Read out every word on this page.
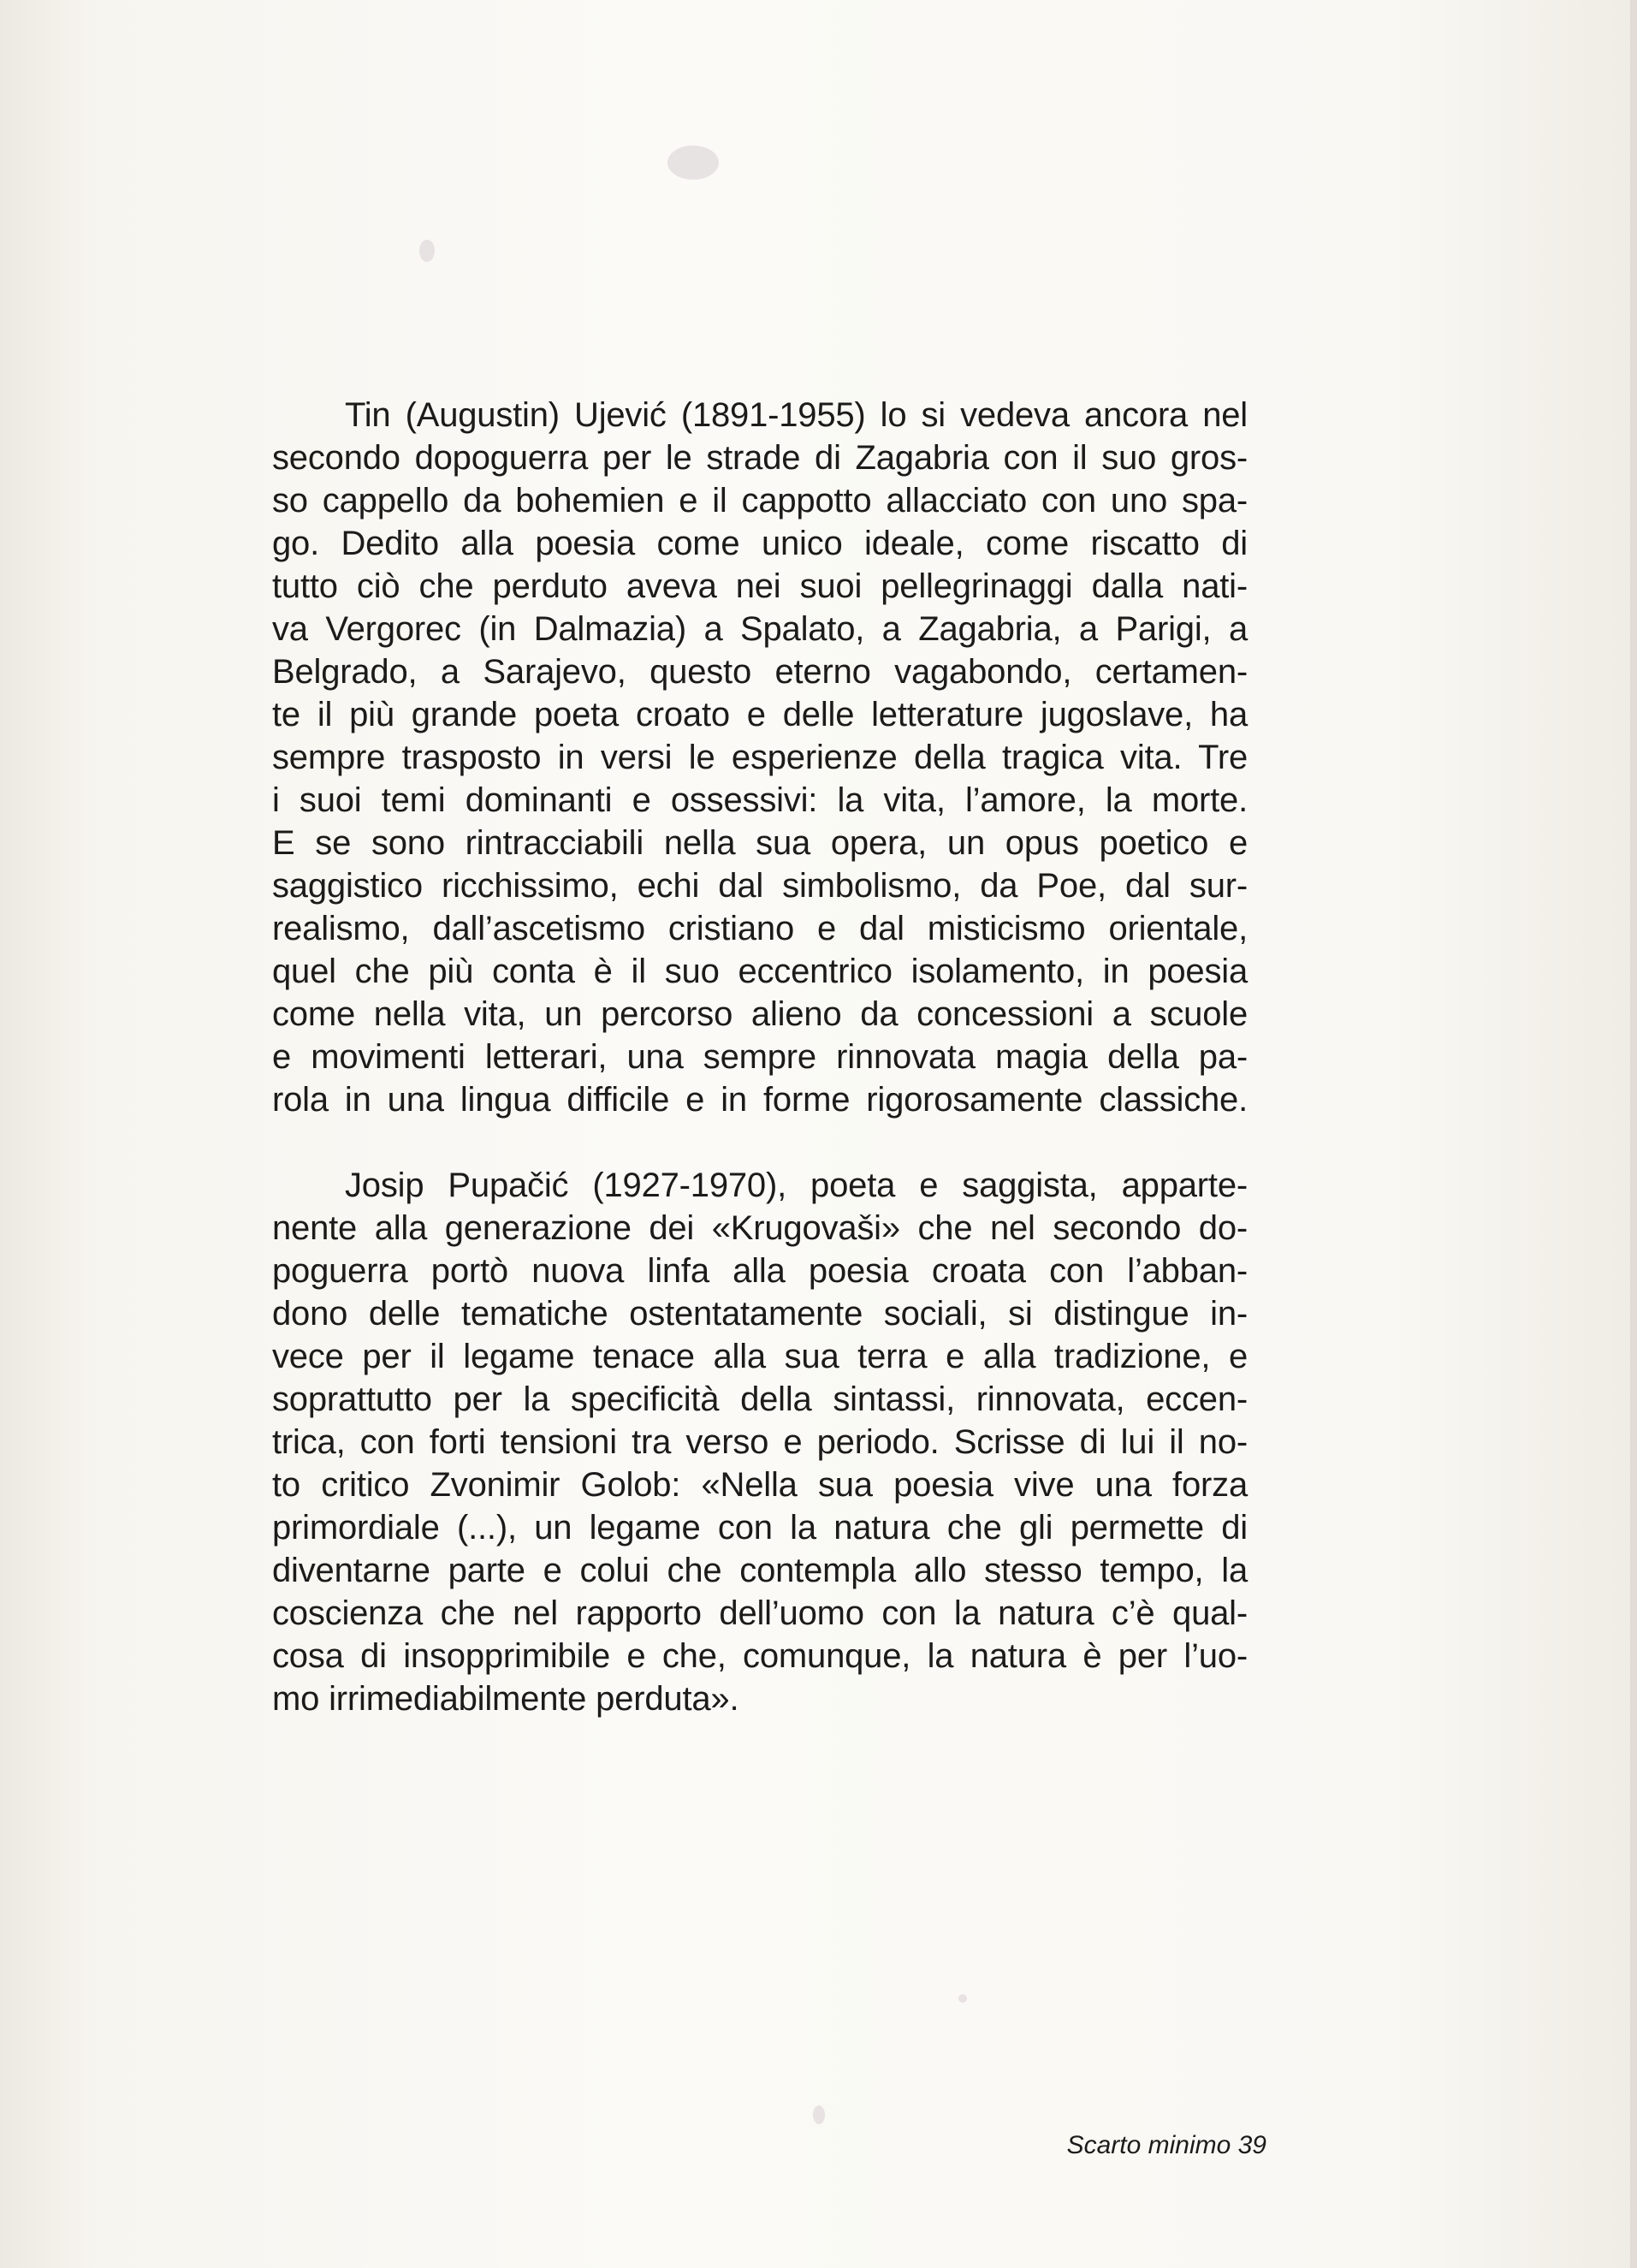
Tin (Augustin) Ujević (1891-1955) lo si vedeva ancora nel
secondo dopoguerra per le strade di Zagabria con il suo gros-
so cappello da bohemien e il cappotto allacciato con uno spa-
go. Dedito alla poesia come unico ideale, come riscatto di
tutto ciò che perduto aveva nei suoi pellegrinaggi dalla nati-
va Vergorec (in Dalmazia) a Spalato, a Zagabria, a Parigi, a
Belgrado, a Sarajevo, questo eterno vagabondo, certamen-
te il più grande poeta croato e delle letterature jugoslave, ha
sempre trasposto in versi le esperienze della tragica vita. Tre
i suoi temi dominanti e ossessivi: la vita, l’amore, la morte.
E se sono rintracciabili nella sua opera, un opus poetico e
saggistico ricchissimo, echi dal simbolismo, da Poe, dal sur-
realismo, dall’ascetismo cristiano e dal misticismo orientale,
quel che più conta è il suo eccentrico isolamento, in poesia
come nella vita, un percorso alieno da concessioni a scuole
e movimenti letterari, una sempre rinnovata magia della pa-
rola in una lingua difficile e in forme rigorosamente classiche.
Josip Pupačić (1927-1970), poeta e saggista, apparte-
nente alla generazione dei «Krugovaši» che nel secondo do-
poguerra portò nuova linfa alla poesia croata con l’abban-
dono delle tematiche ostentatamente sociali, si distingue in-
vece per il legame tenace alla sua terra e alla tradizione, e
soprattutto per la specificità della sintassi, rinnovata, eccen-
trica, con forti tensioni tra verso e periodo. Scrisse di lui il no-
to critico Zvonimir Golob: «Nella sua poesia vive una forza
primordiale (...), un legame con la natura che gli permette di
diventarne parte e colui che contempla allo stesso tempo, la
coscienza che nel rapporto dell’uomo con la natura c’è qual-
cosa di insopprimibile e che, comunque, la natura è per l’uo-
mo irrimediabilmente perduta».
Scarto minimo 39
